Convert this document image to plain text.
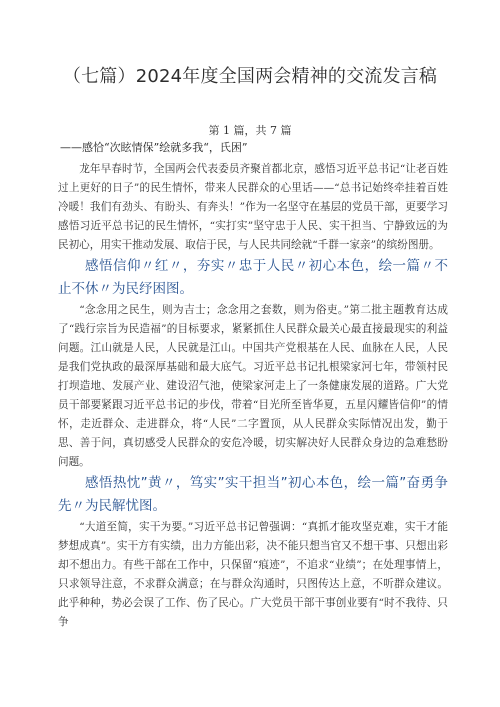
（七篇）2024年度全国两会精神的交流发言稿
第 1 篇，共 7 篇
——感恰“次眩情保”绘就多我“，氏困”

龙年早春时节，全国两会代表委员齐聚首都北京，感悟习近平总书记“让老百姓过上更好的日子”的民生情怀，带来人民群众的心里话——“总书记始终牵挂着百姓冷暖！我们有劲头、有盼头、有奔头！”作为一名坚守在基层的党员干部，更要学习感悟习近平总书记的民生情怀，“实打实”坚守忠于人民、实干担当、宁静致远的为民初心，用实干推动发展、取信于民，与人民共同绘就“千群一家亲”的缤纷图册。

感悟信仰〃红〃，夯实〃忠于人民〃初心本色，绘一篇〃不止不休〃为民纾困图。

“念念用之民生，则为吉士；念念用之套数，则为俗吏。”第二批主题教育达成了“践行宗旨为民造福”的目标要求，紧紧抓住人民群众最关心最直接最现实的利益问题。江山就是人民，人民就是江山。中国共产党根基在人民、血脉在人民，人民是我们党执政的最深厚基础和最大底气。习近平总书记扎根梁家河七年，带领村民打坝造地、发展产业、建设沼气池，使梁家河走上了一条健康发展的道路。广大党员干部要紧跟习近平总书记的步伐，带着“目光所至皆华夏，五星闪耀皆信仰”的情怀，走近群众、走进群众，将“人民”二字置顶，从人民群众实际情况出发，勤于思、善于问，真切感受人民群众的安危冷暖，切实解决好人民群众身边的急难愁盼问题。

感悟热忱”黄〃，笃实”实干担当”初心本色，绘一篇”奋勇争先〃为民解忧图。

“大道至简，实干为要。”习近平总书记曾强调：“真抓才能攻坚克难，实干才能梦想成真”。实干方有实绩，出力方能出彩，决不能只想当官又不想干事、只想出彩却不想出力。有些干部在工作中，只保留“痕迹”，不追求“业绩”；在处理事情上，只求领导注意，不求群众满意；在与群众沟通时，只图传达上意，不听群众建议。此乎种种，势必会误了工作、伤了民心。广大党员干部干事创业要有“时不我待、只争
